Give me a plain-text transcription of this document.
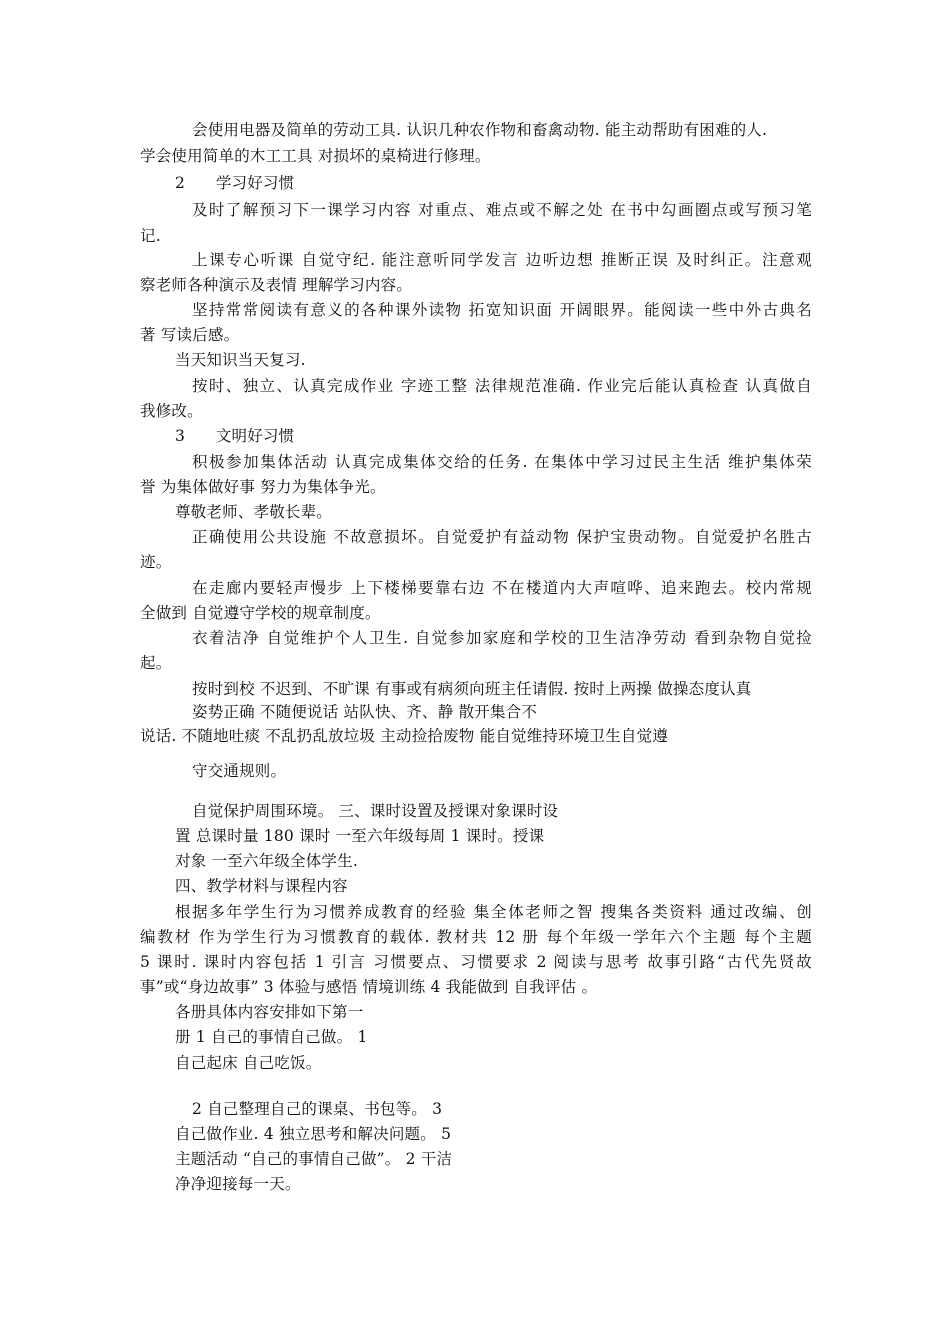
会使用电器及简单的劳动工具. 认识几种农作物和畜禽动物. 能主动帮助有困难的人.
学会使用简单的木工工具 对损坏的桌椅进行修理。
2      学习好习惯
及时了解预习下一课学习内容 对重点、难点或不解之处 在书中勾画圈点或写预习笔
记.
上课专心听课 自觉守纪. 能注意听同学发言 边听边想 推断正误 及时纠正。注意观
察老师各种演示及表情 理解学习内容。
坚持常常阅读有意义的各种课外读物 拓宽知识面 开阔眼界。能阅读一些中外古典名
著 写读后感。
当天知识当天复习.
按时、独立、认真完成作业 字迹工整 法律规范准确. 作业完后能认真检查 认真做自
我修改。
3      文明好习惯
积极参加集体活动 认真完成集体交给的任务. 在集体中学习过民主生活 维护集体荣
誉 为集体做好事 努力为集体争光。
尊敬老师、孝敬长辈。
正确使用公共设施 不故意损坏。自觉爱护有益动物 保护宝贵动物。自觉爱护名胜古
迹。
在走廊内要轻声慢步 上下楼梯要靠右边 不在楼道内大声喧哗、追来跑去。校内常规
全做到 自觉遵守学校的规章制度。
衣着洁净 自觉维护个人卫生. 自觉参加家庭和学校的卫生洁净劳动 看到杂物自觉捡
起。
按时到校 不迟到、不旷课 有事或有病须向班主任请假. 按时上两操 做操态度认真
姿势正确 不随便说话 站队快、齐、静 散开集合不
说话. 不随地吐痰 不乱扔乱放垃圾 主动捡拾废物 能自觉维持环境卫生自觉遵
守交通规则。
自觉保护周围环境。 三、课时设置及授课对象课时设
置 总课时量 180 课时 一至六年级每周 1 课时。授课
对象 一至六年级全体学生.
四、教学材料与课程内容
根据多年学生行为习惯养成教育的经验 集全体老师之智 搜集各类资料 通过改编、创
编教材 作为学生行为习惯教育的载体. 教材共 12 册 每个年级一学年六个主题 每个主题
5 课时. 课时内容包括 1 引言 习惯要点、习惯要求 2 阅读与思考 故事引路“古代先贤故
事”或“身边故事” 3 体验与感悟 情境训练 4 我能做到 自我评估 。
各册具体内容安排如下第一
册 1 自己的事情自己做。 1
自己起床 自己吃饭。
2 自己整理自己的课桌、书包等。 3
自己做作业. 4 独立思考和解决问题。 5
主题活动 “自己的事情自己做”。 2 干洁
净净迎接每一天。
